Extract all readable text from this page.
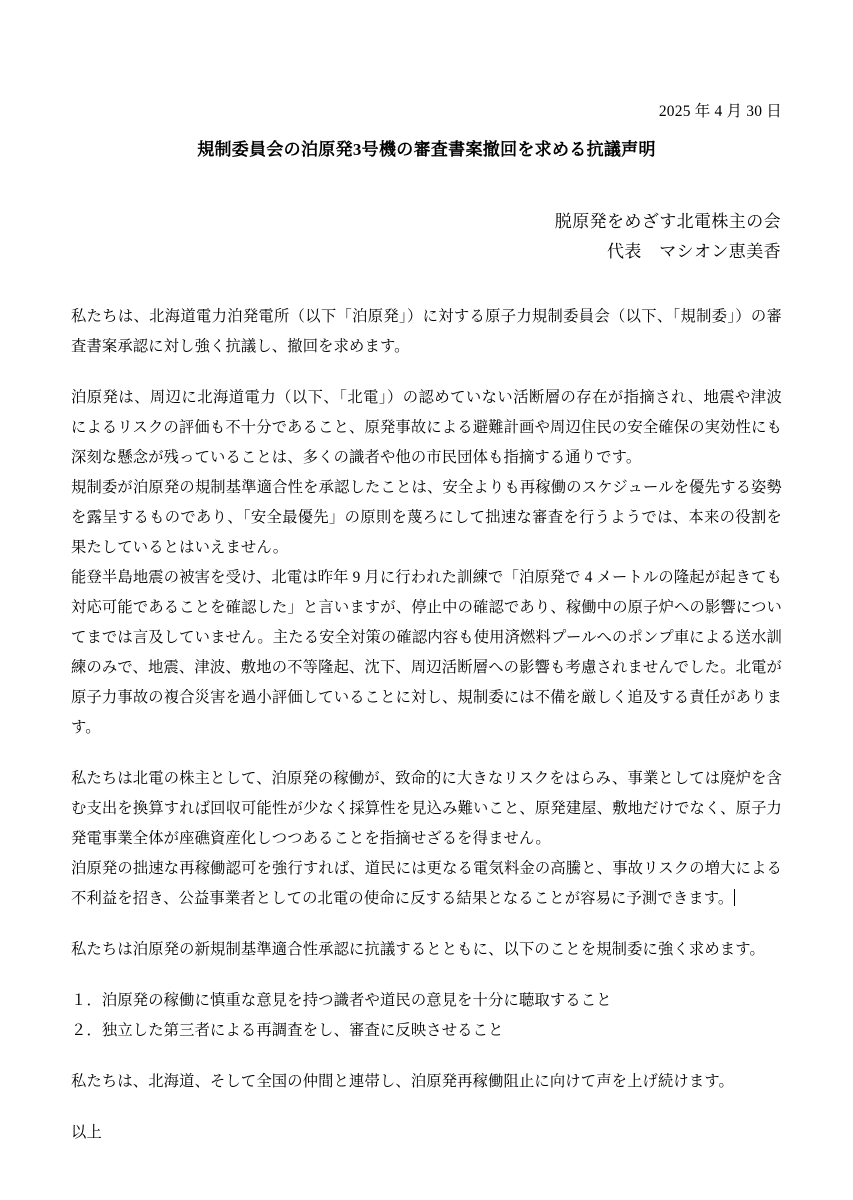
2025 年 4 月 30 日
規制委員会の泊原発3号機の審査書案撤回を求める抗議声明

脱原発をめざす北電株主の会

代表　マシオン恵美香

私たちは、北海道電力泊発電所（以下「泊原発」）に対する原子力規制委員会（以下、「規制委」）の審査書案承認に対し強く抗議し、撤回を求めます。

泊原発は、周辺に北海道電力（以下、「北電」）の認めていない活断層の存在が指摘され、地震や津波によるリスクの評価も不十分であること、原発事故による避難計画や周辺住民の安全確保の実効性にも深刻な懸念が残っていることは、多くの識者や他の市民団体も指摘する通りです。

規制委が泊原発の規制基準適合性を承認したことは、安全よりも再稼働のスケジュールを優先する姿勢を露呈するものであり、「安全最優先」の原則を蔑ろにして拙速な審査を行うようでは、本来の役割を果たしているとはいえません。

能登半島地震の被害を受け、北電は昨年 9 月に行われた訓練で「泊原発で 4 メートルの隆起が起きても対応可能であることを確認した」と言いますが、停止中の確認であり、稼働中の原子炉への影響についてまでは言及していません。主たる安全対策の確認内容も使用済燃料プールへのポンプ車による送水訓練のみで、地震、津波、敷地の不等隆起、沈下、周辺活断層への影響も考慮されませんでした。北電が原子力事故の複合災害を過小評価していることに対し、規制委には不備を厳しく追及する責任があります。

私たちは北電の株主として、泊原発の稼働が、致命的に大きなリスクをはらみ、事業としては廃炉を含む支出を換算すれば回収可能性が少なく採算性を見込み難いこと、原発建屋、敷地だけでなく、原子力発電事業全体が座礁資産化しつつあることを指摘せざるを得ません。

泊原発の拙速な再稼働認可を強行すれば、道民には更なる電気料金の高騰と、事故リスクの増大による不利益を招き、公益事業者としての北電の使命に反する結果となることが容易に予測できます。

私たちは泊原発の新規制基準適合性承認に抗議するとともに、以下のことを規制委に強く求めます。

１．泊原発の稼働に慎重な意見を持つ識者や道民の意見を十分に聴取すること

２．独立した第三者による再調査をし、審査に反映させること

私たちは、北海道、そして全国の仲間と連帯し、泊原発再稼働阻止に向けて声を上げ続けます。

以上
